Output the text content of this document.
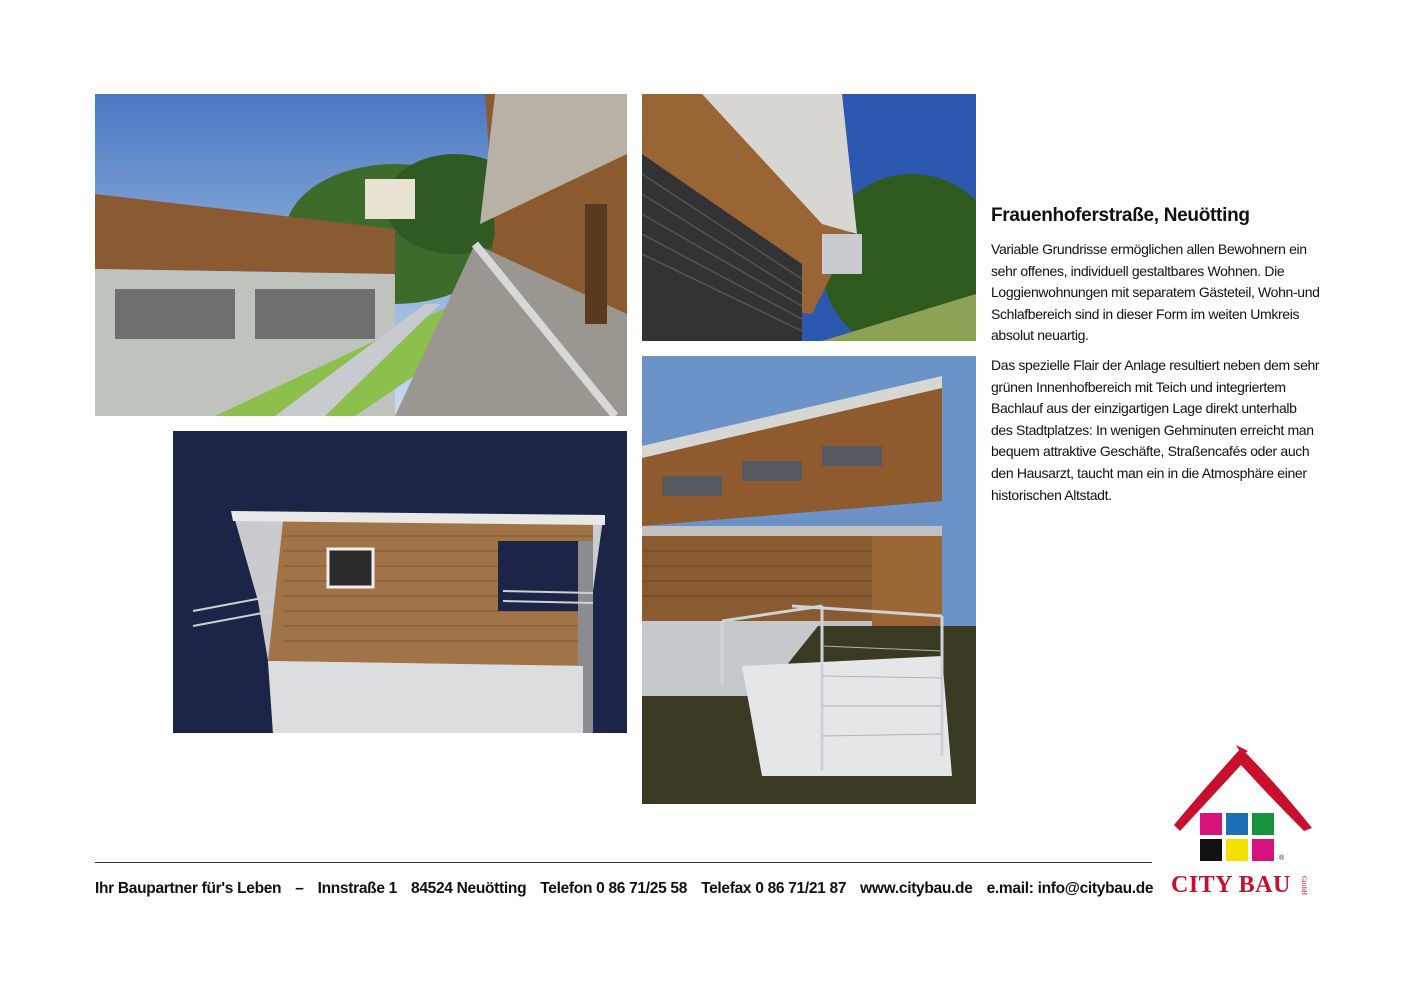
Frauenhoferstraße, Neuötting

Variable Grundrisse ermöglichen allen Bewohnern ein sehr offenes, individuell gestaltbares Wohnen. Die Loggienwohnungen mit separatem Gästeteil, Wohn-und Schlafbereich sind in dieser Form im weiten Umkreis absolut neuartig.

Das spezielle Flair der Anlage resultiert neben dem sehr grünen Innenhofbereich mit Teich und integriertem Bachlauf aus der einzigartigen Lage direkt unterhalb des Stadtplatzes: In wenigen Gehminuten erreicht man bequem attraktive Geschäfte, Straßencafés oder auch den Hausarzt, taucht man ein in die Atmosphäre einer historischen Altstadt.

Ihr Baupartner für's Leben – Innstraße 1 84524 Neuötting Telefon 0 86 71/25 58 Telefax 0 86 71/21 87 www.citybau.de e.mail: info@citybau.de
®
CITY BAU GmbH
